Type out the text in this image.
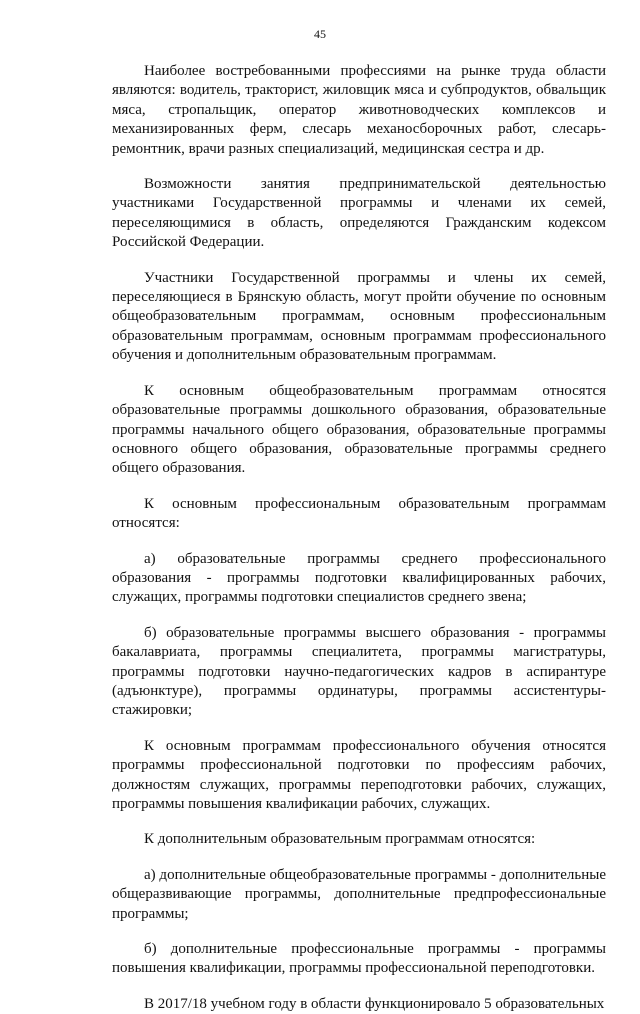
45

Наиболее востребованными профессиями на рынке труда области являются: водитель, тракторист, жиловщик мяса и субпродуктов, обвальщик мяса, стропальщик, оператор животноводческих комплексов и механизированных ферм, слесарь механосборочных работ, слесарь-ремонтник, врачи разных специализаций, медицинская сестра и др.

Возможности занятия предпринимательской деятельностью участниками Государственной программы и членами их семей, переселяющимися в область, определяются Гражданским кодексом Российской Федерации.

Участники Государственной программы и члены их семей, переселяющиеся в Брянскую область, могут пройти обучение по основным общеобразовательным программам, основным профессиональным образовательным программам, основным программам профессионального обучения и дополнительным образовательным программам.

К основным общеобразовательным программам относятся образовательные программы дошкольного образования, образовательные программы начального общего образования, образовательные программы основного общего образования, образовательные программы среднего общего образования.

К основным профессиональным образовательным программам относятся:

а) образовательные программы среднего профессионального образования - программы подготовки квалифицированных рабочих, служащих, программы подготовки специалистов среднего звена;

б) образовательные программы высшего образования - программы бакалавриата, программы специалитета, программы магистратуры, программы подготовки научно-педагогических кадров в аспирантуре (адъюнктуре), программы ординатуры, программы ассистентуры-стажировки;

К основным программам профессионального обучения относятся программы профессиональной подготовки по профессиям рабочих, должностям служащих, программы переподготовки рабочих, служащих, программы повышения квалификации рабочих, служащих.

К дополнительным образовательным программам относятся:

а) дополнительные общеобразовательные программы - дополнительные общеразвивающие программы, дополнительные предпрофессиональные программы;

б) дополнительные профессиональные программы - программы повышения квалификации, программы профессиональной переподготовки.

В 2017/18 учебном году в области функционировало 5 образовательных
